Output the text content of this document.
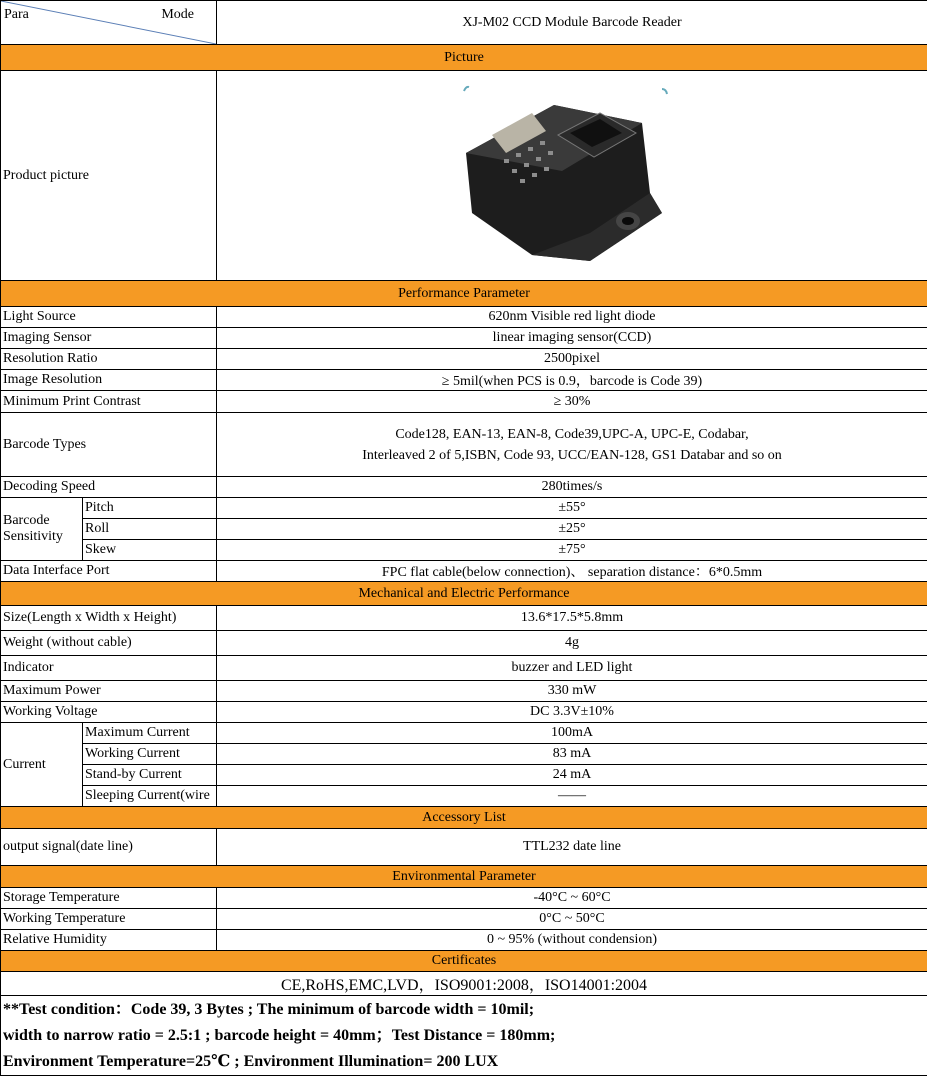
Para Mode		XJ-M02 CCD Module Barcode Reader
Picture		
Product picture	
Performance Parameter		
Light Source		620nm Visible red light diode
Imaging Sensor		linear imaging sensor(CCD)
Resolution Ratio		2500pixel
Image Resolution		≥ 5mil(when PCS is 0.9，barcode is Code 39)
Minimum Print Contrast		≥ 30%
Barcode Types		Code128, EAN-13, EAN-8, Code39,UPC-A, UPC-E, Codabar,
Interleaved 2 of 5,ISBN, Code 93, UCC/EAN-128, GS1 Databar and so on

Decoding Speed		280times/s
Barcode Sensitivity	Pitch	±55°
	Roll	±25°
	Skew	±75°
Data Interface Port		FPC flat cable(below connection)、 separation distance：6*0.5mm
Mechanical and Electric Performance		
Size(Length x Width x Height)		13.6*17.5*5.8mm
Weight (without cable)		4g
Indicator		buzzer and LED light
Maximum Power		330 mW
Working Voltage		DC 3.3V±10%
Current	Maximum Current	100mA
	Working Current	83 mA
	Stand-by Current	24 mA
	Sleeping Current(wire	——
Accessory List		
output signal(date line)		TTL232 date line
Environmental Parameter		
Storage Temperature		-40°C ~ 60°C
Working Temperature		0°C ~ 50°C
Relative Humidity		0 ~ 95% (without condension)
Certificates		
CE,RoHS,EMC,LVD，ISO9001:2008，ISO14001:2004		

**Test condition：Code 39, 3 Bytes ; The minimum of barcode width = 10mil;
width to narrow ratio = 2.5:1 ; barcode height = 40mm；Test Distance = 180mm;
Environment Temperature=25℃ ; Environment Illumination= 200 LUX		
